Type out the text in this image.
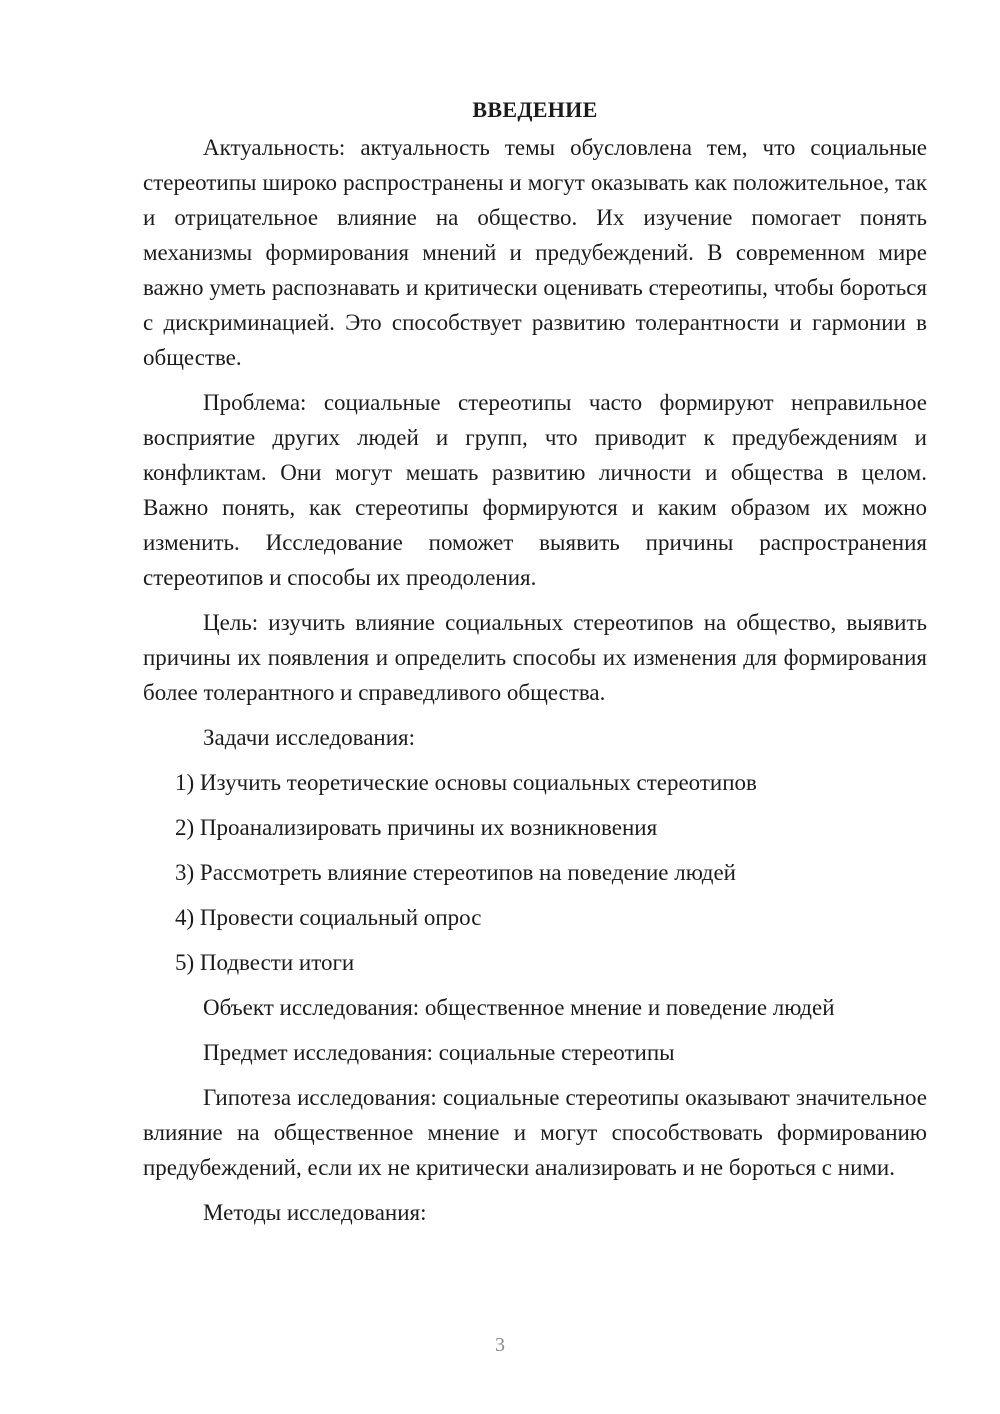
ВВЕДЕНИЕ

Актуальность: актуальность темы обусловлена тем, что социальные стереотипы широко распространены и могут оказывать как положительное, так и отрицательное влияние на общество. Их изучение помогает понять механизмы формирования мнений и предубеждений. В современном мире важно уметь распознавать и критически оценивать стереотипы, чтобы бороться с дискриминацией. Это способствует развитию толерантности и гармонии в обществе.

Проблема: социальные стереотипы часто формируют неправильное восприятие других людей и групп, что приводит к предубеждениям и конфликтам. Они могут мешать развитию личности и общества в целом. Важно понять, как стереотипы формируются и каким образом их можно изменить. Исследование поможет выявить причины распространения стереотипов и способы их преодоления.

Цель: изучить влияние социальных стереотипов на общество, выявить причины их появления и определить способы их изменения для формирования более толерантного и справедливого общества.

Задачи исследования:

1) Изучить теоретические основы социальных стереотипов
2) Проанализировать причины их возникновения
3) Рассмотреть влияние стереотипов на поведение людей
4) Провести социальный опрос
5) Подвести итоги

Объект исследования: общественное мнение и поведение людей

Предмет исследования: социальные стереотипы

Гипотеза исследования: социальные стереотипы оказывают значительное влияние на общественное мнение и могут способствовать формированию предубеждений, если их не критически анализировать и не бороться с ними.

Методы исследования:

3
